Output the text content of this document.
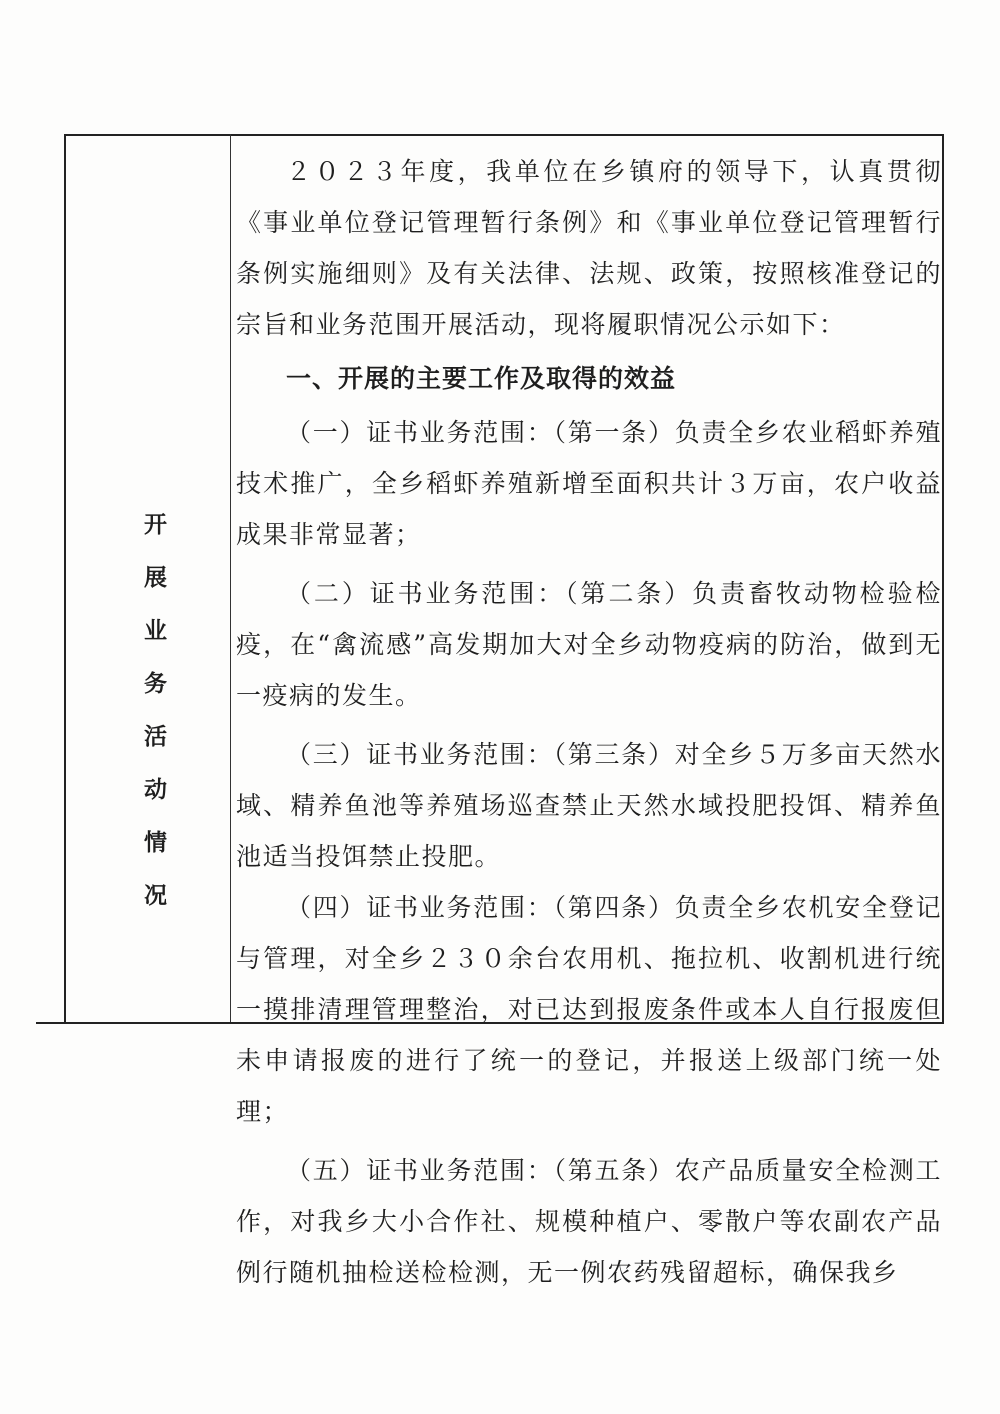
开展业务活动情况

２０２３年度，我单位在乡镇府的领导下，认真贯彻《事业单位登记管理暂行条例》和《事业单位登记管理暂行条例实施细则》及有关法律、法规、政策，按照核准登记的宗旨和业务范围开展活动，现将履职情况公示如下：

一、开展的主要工作及取得的效益

（一）证书业务范围：（第一条）负责全乡农业稻虾养殖技术推广，全乡稻虾养殖新增至面积共计３万亩，农户收益成果非常显著；

（二）证书业务范围：（第二条）负责畜牧动物检验检疫，在“禽流感”高发期加大对全乡动物疫病的防治，做到无一疫病的发生。

（三）证书业务范围：（第三条）对全乡５万多亩天然水域、精养鱼池等养殖场巡查禁止天然水域投肥投饵、精养鱼池适当投饵禁止投肥。

（四）证书业务范围：（第四条）负责全乡农机安全登记与管理，对全乡２３０余台农用机、拖拉机、收割机进行统一摸排清理管理整治，对已达到报废条件或本人自行报废但未申请报废的进行了统一的登记，并报送上级部门统一处理；

（五）证书业务范围：（第五条）农产品质量安全检测工作，对我乡大小合作社、规模种植户、零散户等农副农产品例行随机抽检送检检测，无一例农药残留超标，确保我乡
